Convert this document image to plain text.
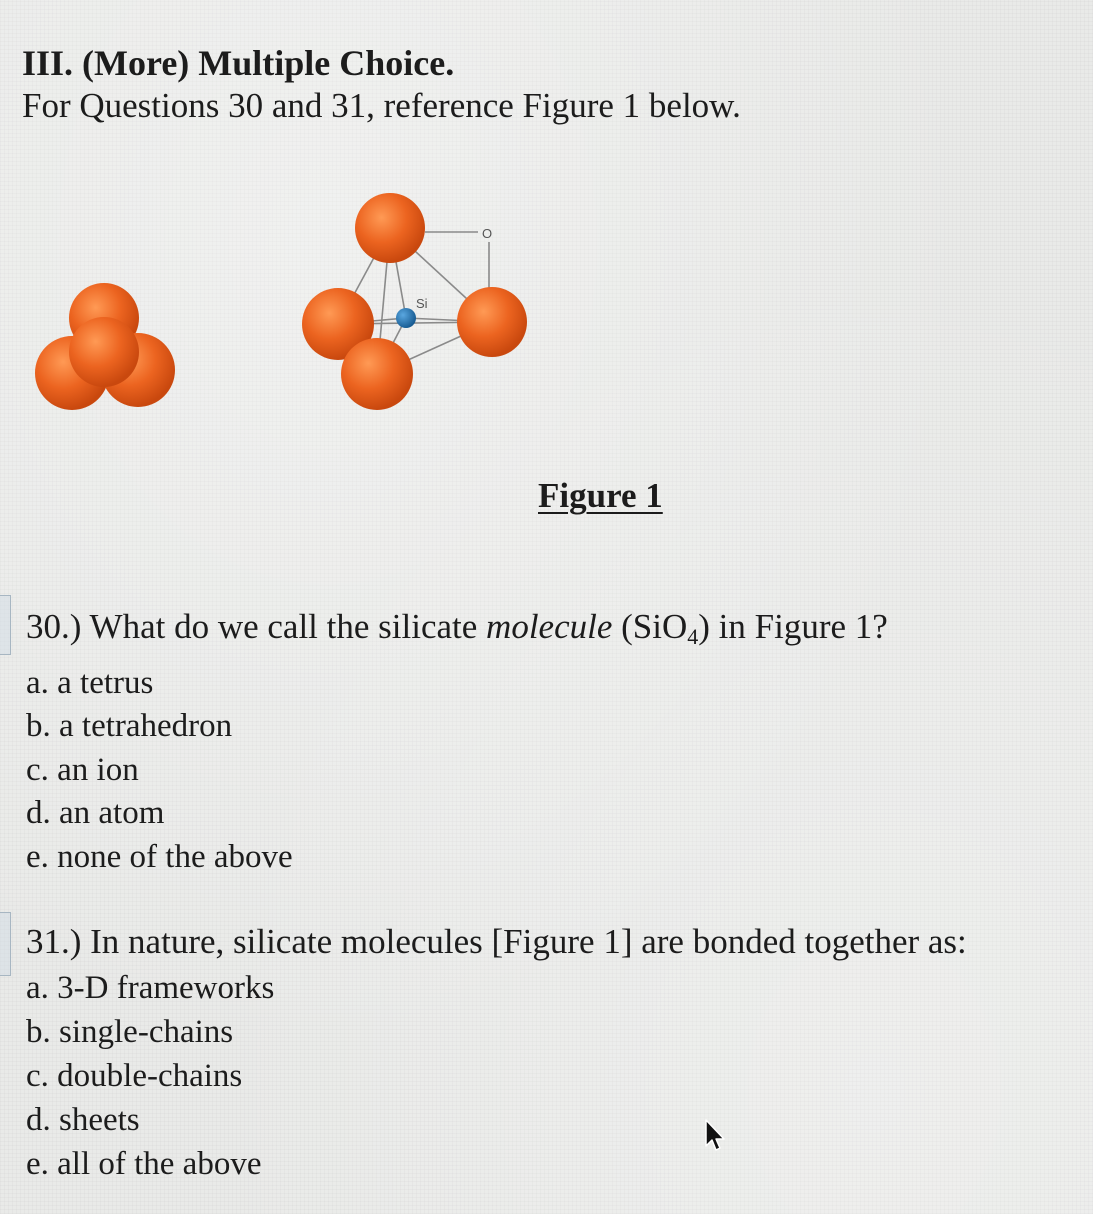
III. (More) Multiple Choice.
For Questions 30 and 31, reference Figure 1 below.
Si
O
Figure 1
30.) What do we call the silicate molecule (SiO$_4$) in Figure 1?
a. a tetrus
b. a tetrahedron
c. an ion
d. an atom
e. none of the above
31.) In nature, silicate molecules [Figure 1] are bonded together as:
a. 3-D frameworks
b. single-chains
c. double-chains
d. sheets
e. all of the above
